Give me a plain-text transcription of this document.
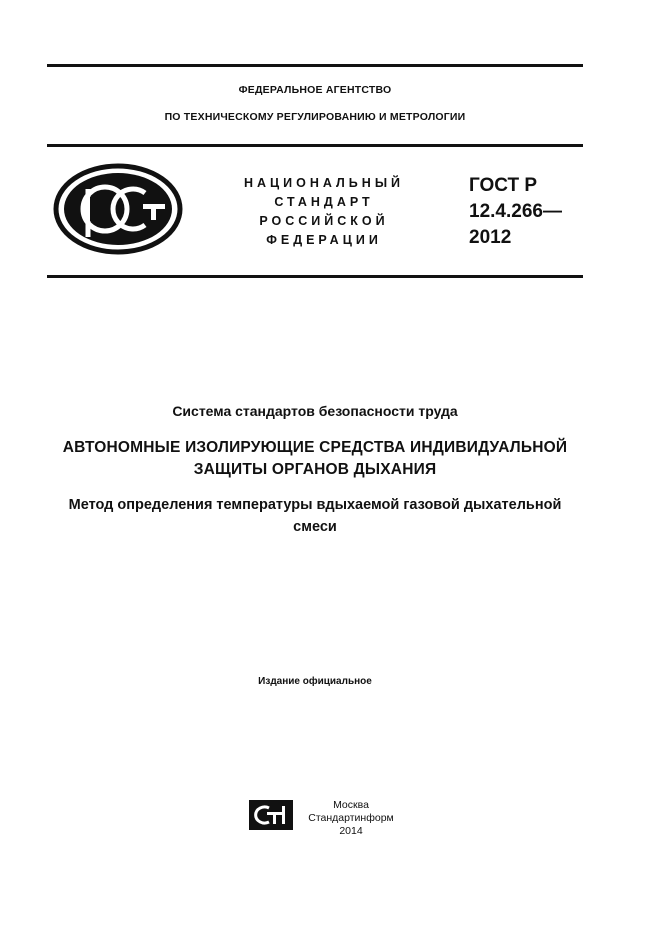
ФЕДЕРАЛЬНОЕ АГЕНТСТВО
ПО ТЕХНИЧЕСКОМУ РЕГУЛИРОВАНИЮ И МЕТРОЛОГИИ
НАЦИОНАЛЬНЫЙ
СТАНДАРТ
РОССИЙСКОЙ
ФЕДЕРАЦИИ
ГОСТ Р
12.4.266—
2012
Система стандартов безопасности труда
АВТОНОМНЫЕ ИЗОЛИРУЮЩИЕ СРЕДСТВА ИНДИВИДУАЛЬНОЙ
ЗАЩИТЫ ОРГАНОВ ДЫХАНИЯ
Метод определения температуры вдыхаемой газовой дыхательной
смеси
Издание официальное
Москва
Стандартинформ
2014
